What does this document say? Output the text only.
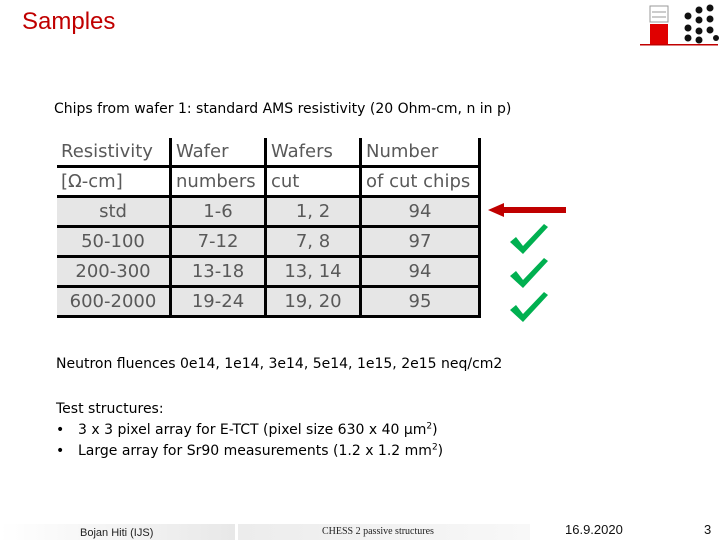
Samples
Chips from wafer 1: standard AMS resistivity (20 Ohm-cm, n in p)
Resistivity	Wafer	Wafers	Number
[Ω-cm]	numbers	cut	of cut chips
std	1-6	1, 2	94
50-100	7-12	7, 8	97
200-300	13-18	13, 14	94
600-2000	19-24	19, 20	95
Neutron fluences 0e14, 1e14, 3e14, 5e14, 1e15, 2e15 neq/cm2
Test structures:
• 3 x 3 pixel array for E-TCT (pixel size 630 x 40 $\mu m^2$)
• Large array for Sr90 measurements (1.2 x 1.2 $mm^2$)
Bojan Hiti (IJS)	CHESS 2 passive structures	16.9.2020	3
